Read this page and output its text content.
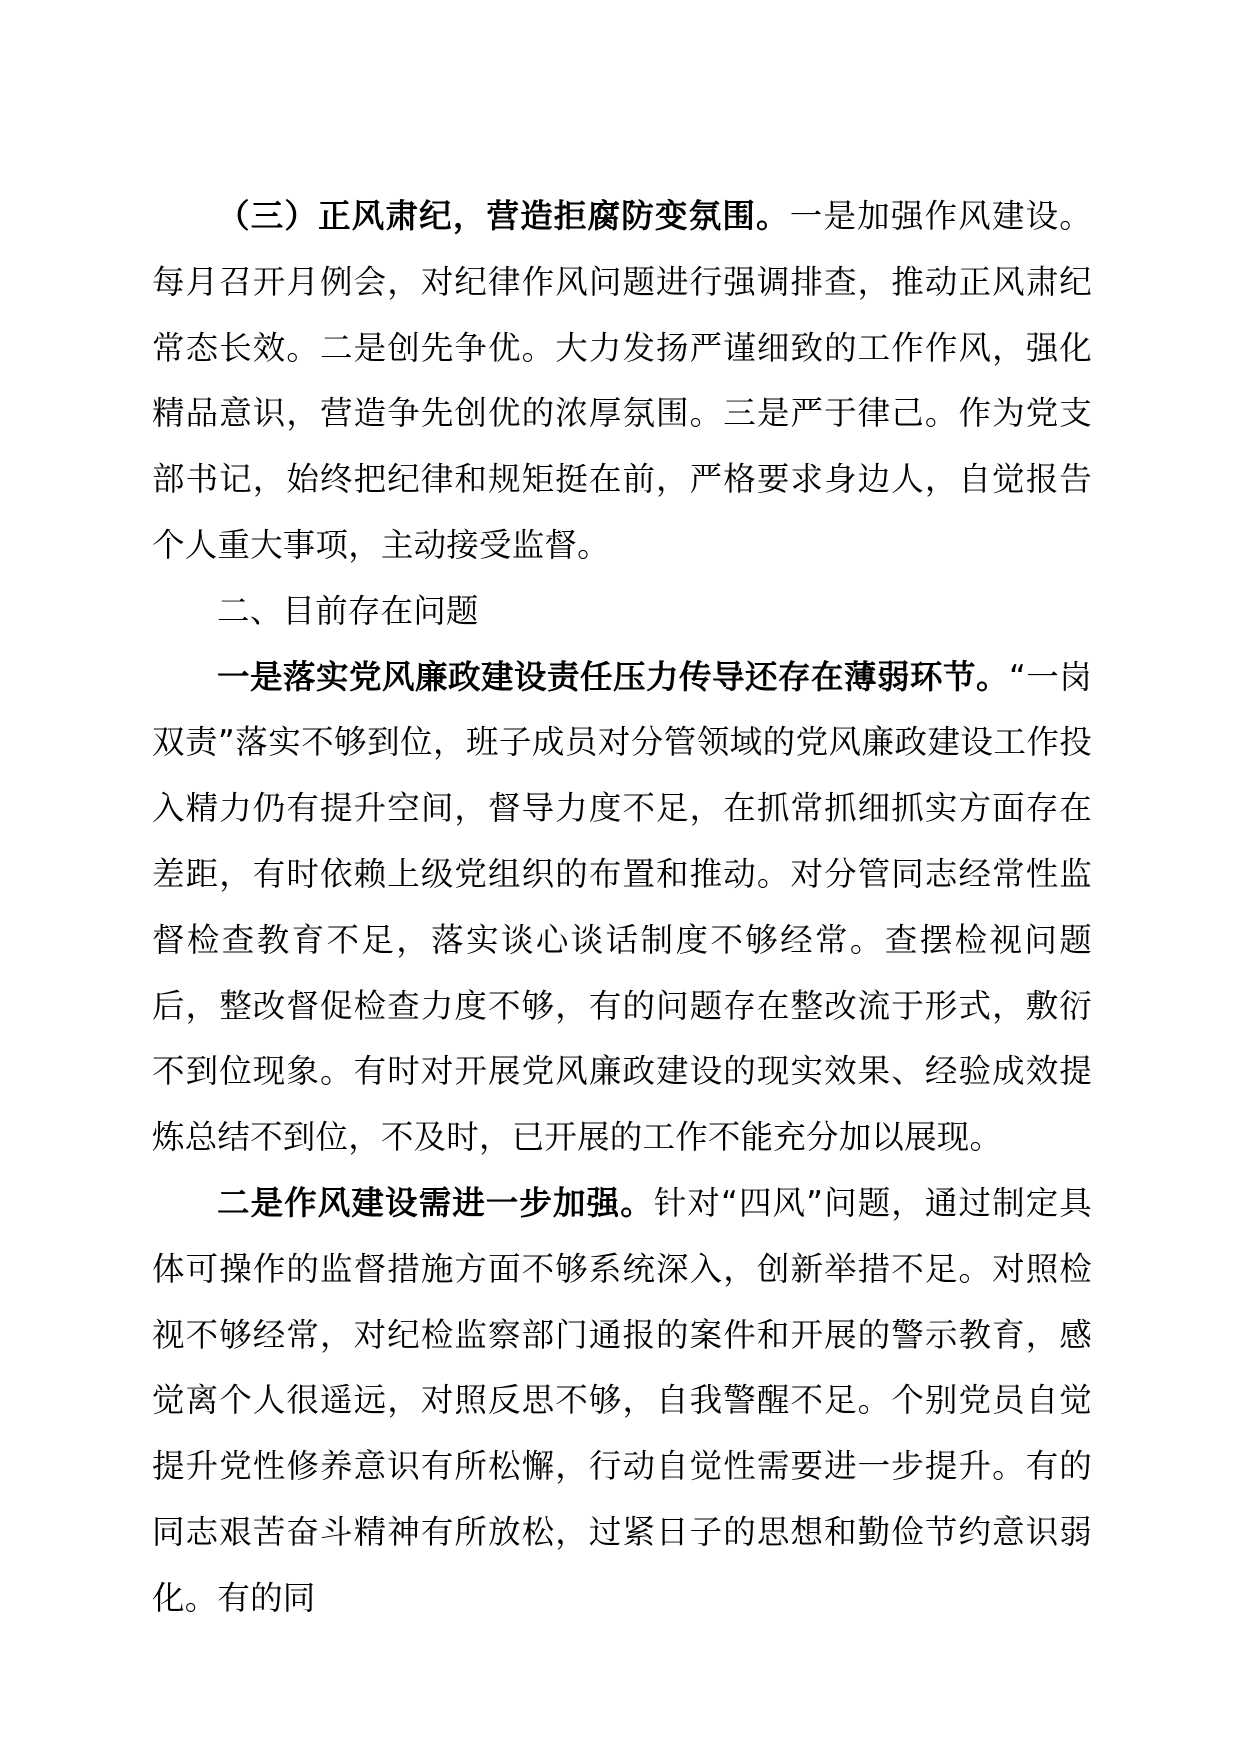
（三）正风肃纪，营造拒腐防变氛围。一是加强作风建设。每月召开月例会，对纪律作风问题进行强调排查，推动正风肃纪常态长效。二是创先争优。大力发扬严谨细致的工作作风，强化精品意识，营造争先创优的浓厚氛围。三是严于律己。作为党支部书记，始终把纪律和规矩挺在前，严格要求身边人，自觉报告个人重大事项，主动接受监督。

二、目前存在问题

一是落实党风廉政建设责任压力传导还存在薄弱环节。“一岗双责”落实不够到位，班子成员对分管领域的党风廉政建设工作投入精力仍有提升空间，督导力度不足，在抓常抓细抓实方面存在差距，有时依赖上级党组织的布置和推动。对分管同志经常性监督检查教育不足，落实谈心谈话制度不够经常。查摆检视问题后，整改督促检查力度不够，有的问题存在整改流于形式，敷衍不到位现象。有时对开展党风廉政建设的现实效果、经验成效提炼总结不到位，不及时，已开展的工作不能充分加以展现。

二是作风建设需进一步加强。针对“四风”问题，通过制定具体可操作的监督措施方面不够系统深入，创新举措不足。对照检视不够经常，对纪检监察部门通报的案件和开展的警示教育，感觉离个人很遥远，对照反思不够，自我警醒不足。个别党员自觉提升党性修养意识有所松懈，行动自觉性需要进一步提升。有的同志艰苦奋斗精神有所放松，过紧日子的思想和勤俭节约意识弱化。有的同
